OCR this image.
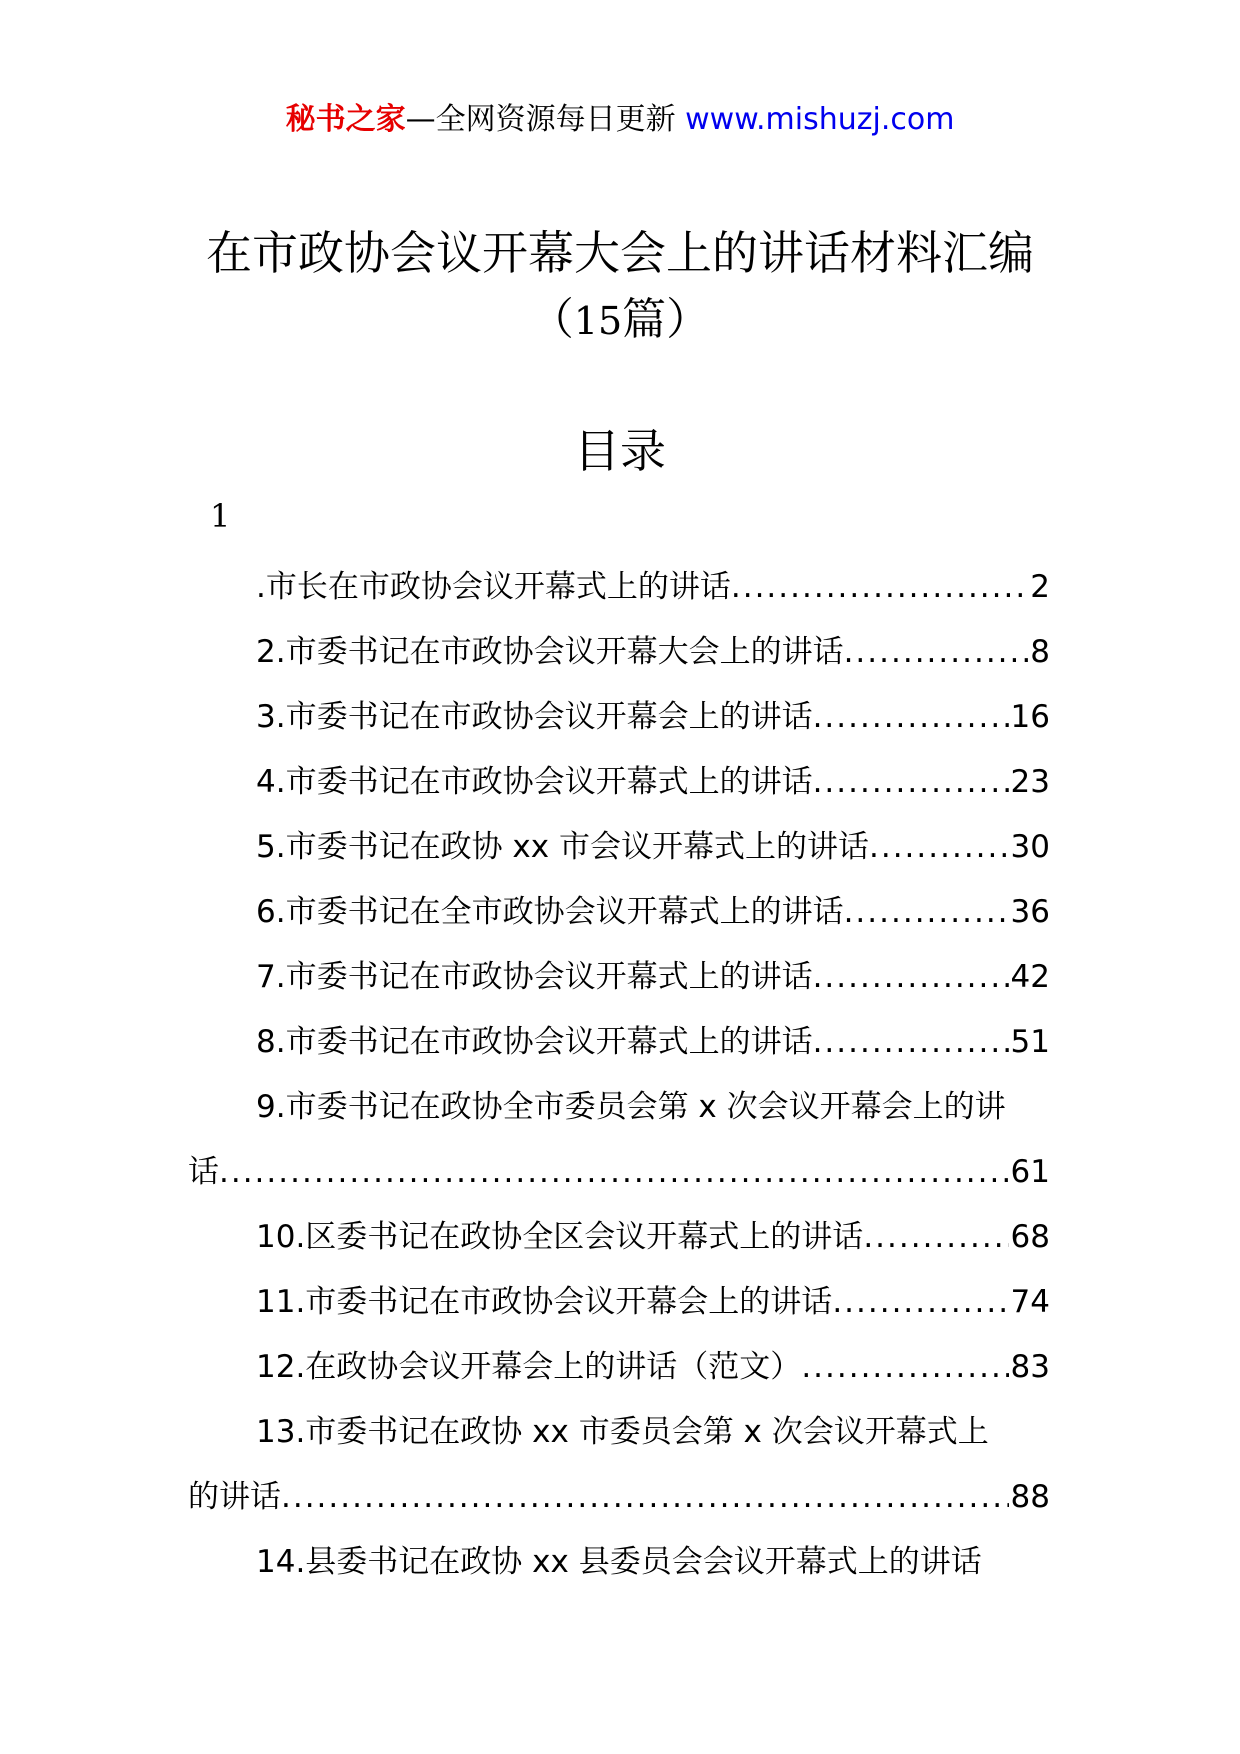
秘书之家—全网资源每日更新 www.mishuzj.com
在市政协会议开幕大会上的讲话材料汇编
（15篇）
目录
1
.市长在市政协会议开幕式上的讲话 .....	2
2.市委书记在市政协会议开幕大会上的讲话 .....	8
3.市委书记在市政协会议开幕会上的讲话 .....	16
4.市委书记在市政协会议开幕式上的讲话 .....	23
5.市委书记在政协 xx 市会议开幕式上的讲话 .....	30
6.市委书记在全市政协会议开幕式上的讲话 .....	36
7.市委书记在市政协会议开幕式上的讲话 .....	42
8.市委书记在市政协会议开幕式上的讲话 .....	51
9.市委书记在政协全市委员会第 x 次会议开幕会上的讲
话 .....	61
10.区委书记在政协全区会议开幕式上的讲话 .....	68
11.市委书记在市政协会议开幕会上的讲话 .....	74
12.在政协会议开幕会上的讲话（范文） .....	83
13.市委书记在政协 xx 市委员会第 x 次会议开幕式上
的讲话 .....	88
14.县委书记在政协 xx 县委员会会议开幕式上的讲话
